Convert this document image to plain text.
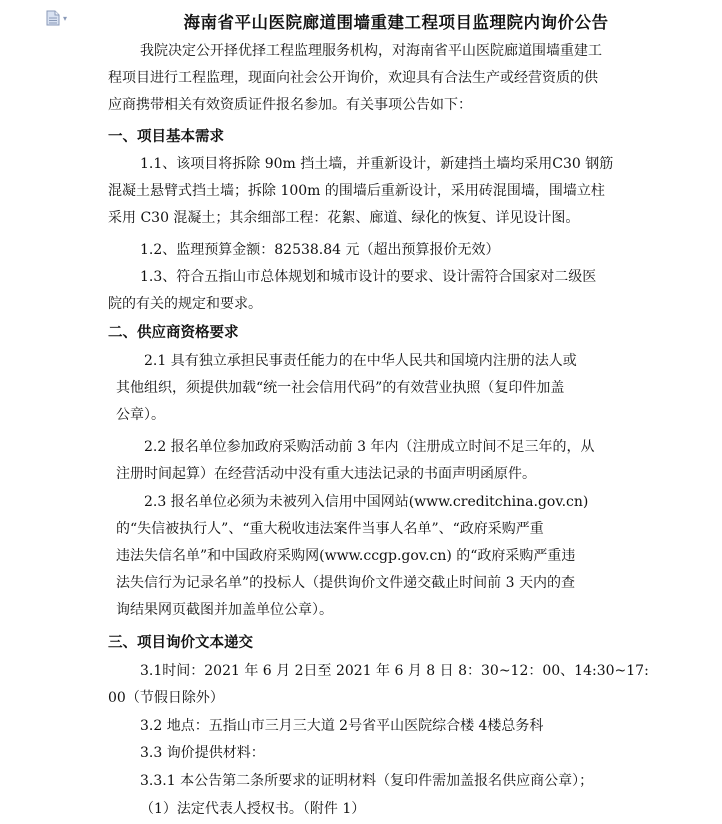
▾	海南省平山医院廊道围墙重建工程项目监理院内询价公告
我院决定公开择优择工程监理服务机构，对海南省平山医院廊道围墙重建工
程项目进行工程监理，现面向社会公开询价，欢迎具有合法生产或经营资质的供
应商携带相关有效资质证件报名参加。有关事项公告如下：
一、项目基本需求
1.1、该项目将拆除 90m 挡土墙，并重新设计，新建挡土墙均采用C30 钢筋
混凝土悬臂式挡土墙；拆除 100m 的围墙后重新设计，采用砖混围墙，围墙立柱
采用 C30 混凝土；其余细部工程：花絮、廊道、绿化的恢复、详见设计图。
1.2、监理预算金额：82538.84 元（超出预算报价无效）
1.3、符合五指山市总体规划和城市设计的要求、设计需符合国家对二级医
院的有关的规定和要求。
二、供应商资格要求
2.1 具有独立承担民事责任能力的在中华人民共和国境内注册的法人或
其他组织，须提供加载“统一社会信用代码”的有效营业执照（复印件加盖
公章）。
2.2 报名单位参加政府采购活动前 3 年内（注册成立时间不足三年的，从
注册时间起算）在经营活动中没有重大违法记录的书面声明函原件。
2.3 报名单位必须为未被列入信用中国网站(www.creditchina.gov.cn)
的“失信被执行人”、“重大税收违法案件当事人名单”、“政府采购严重
违法失信名单”和中国政府采购网(www.ccgp.gov.cn) 的“政府采购严重违
法失信行为记录名单”的投标人（提供询价文件递交截止时间前 3 天内的查
询结果网页截图并加盖单位公章）。
三、项目询价文本递交
3.1时间：2021 年 6 月 2日至 2021 年 6 月 8 日 8：30~12：00、14:30~17:
00（节假日除外）
3.2 地点：五指山市三月三大道 2号省平山医院综合楼 4楼总务科
3.3 询价提供材料：
3.3.1 本公告第二条所要求的证明材料（复印件需加盖报名供应商公章）；
（1）法定代表人授权书。（附件 1）
